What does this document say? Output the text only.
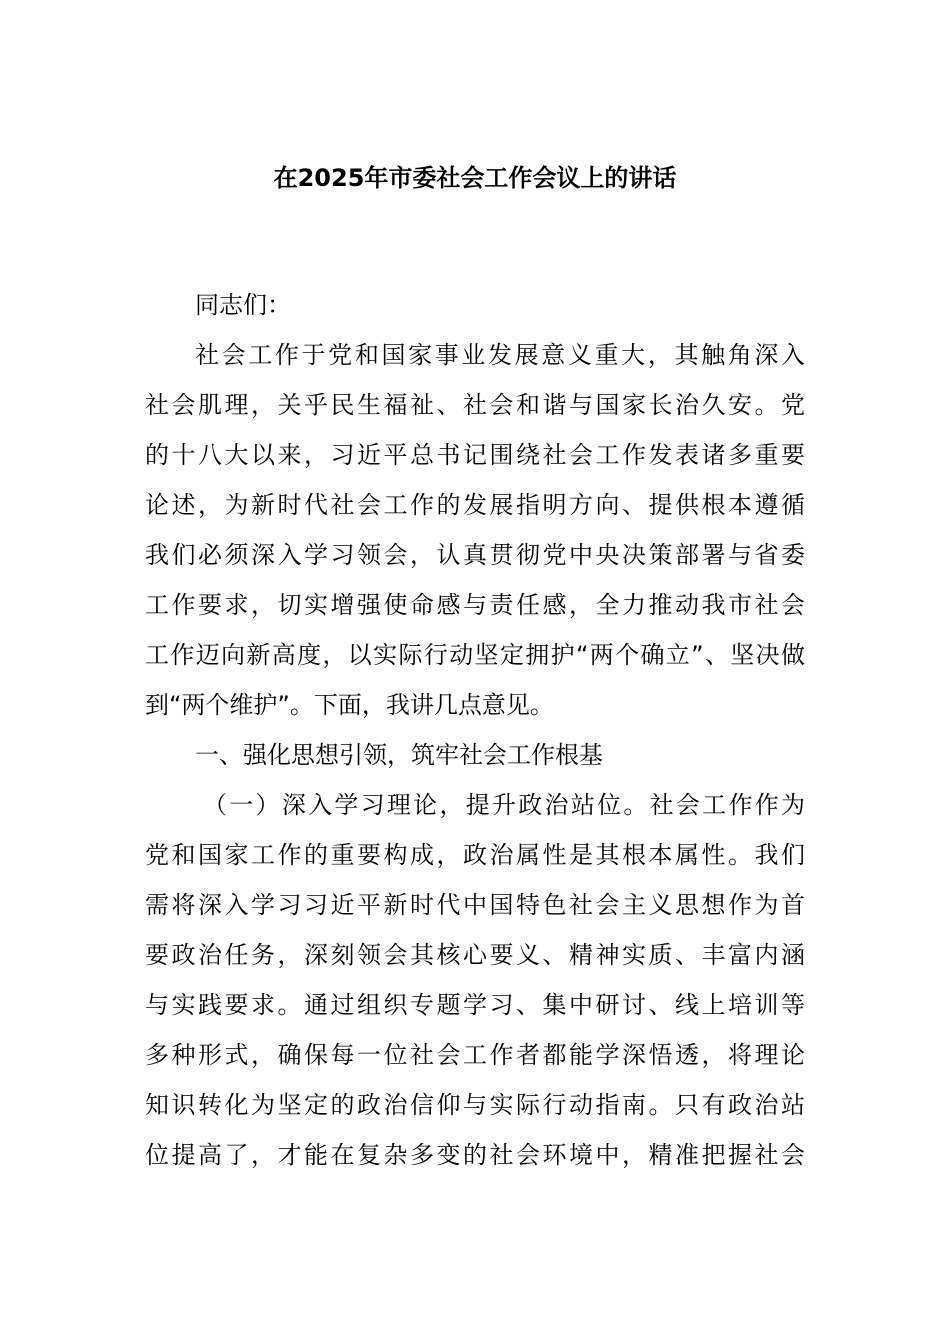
在2025年市委社会工作会议上的讲话
同志们：
社会工作于党和国家事业发展意义重大，其触角深入
社会肌理，关乎民生福祉、社会和谐与国家长治久安。党
的十八大以来，习近平总书记围绕社会工作发表诸多重要
论述，为新时代社会工作的发展指明方向、提供根本遵循
我们必须深入学习领会，认真贯彻党中央决策部署与省委
工作要求，切实增强使命感与责任感，全力推动我市社会
工作迈向新高度，以实际行动坚定拥护“两个确立”、坚决做
到“两个维护”。下面，我讲几点意见。
一、强化思想引领，筑牢社会工作根基
（一）深入学习理论，提升政治站位。社会工作作为
党和国家工作的重要构成，政治属性是其根本属性。我们
需将深入学习习近平新时代中国特色社会主义思想作为首
要政治任务，深刻领会其核心要义、精神实质、丰富内涵
与实践要求。通过组织专题学习、集中研讨、线上培训等
多种形式，确保每一位社会工作者都能学深悟透，将理论
知识转化为坚定的政治信仰与实际行动指南。只有政治站
位提高了，才能在复杂多变的社会环境中，精准把握社会
